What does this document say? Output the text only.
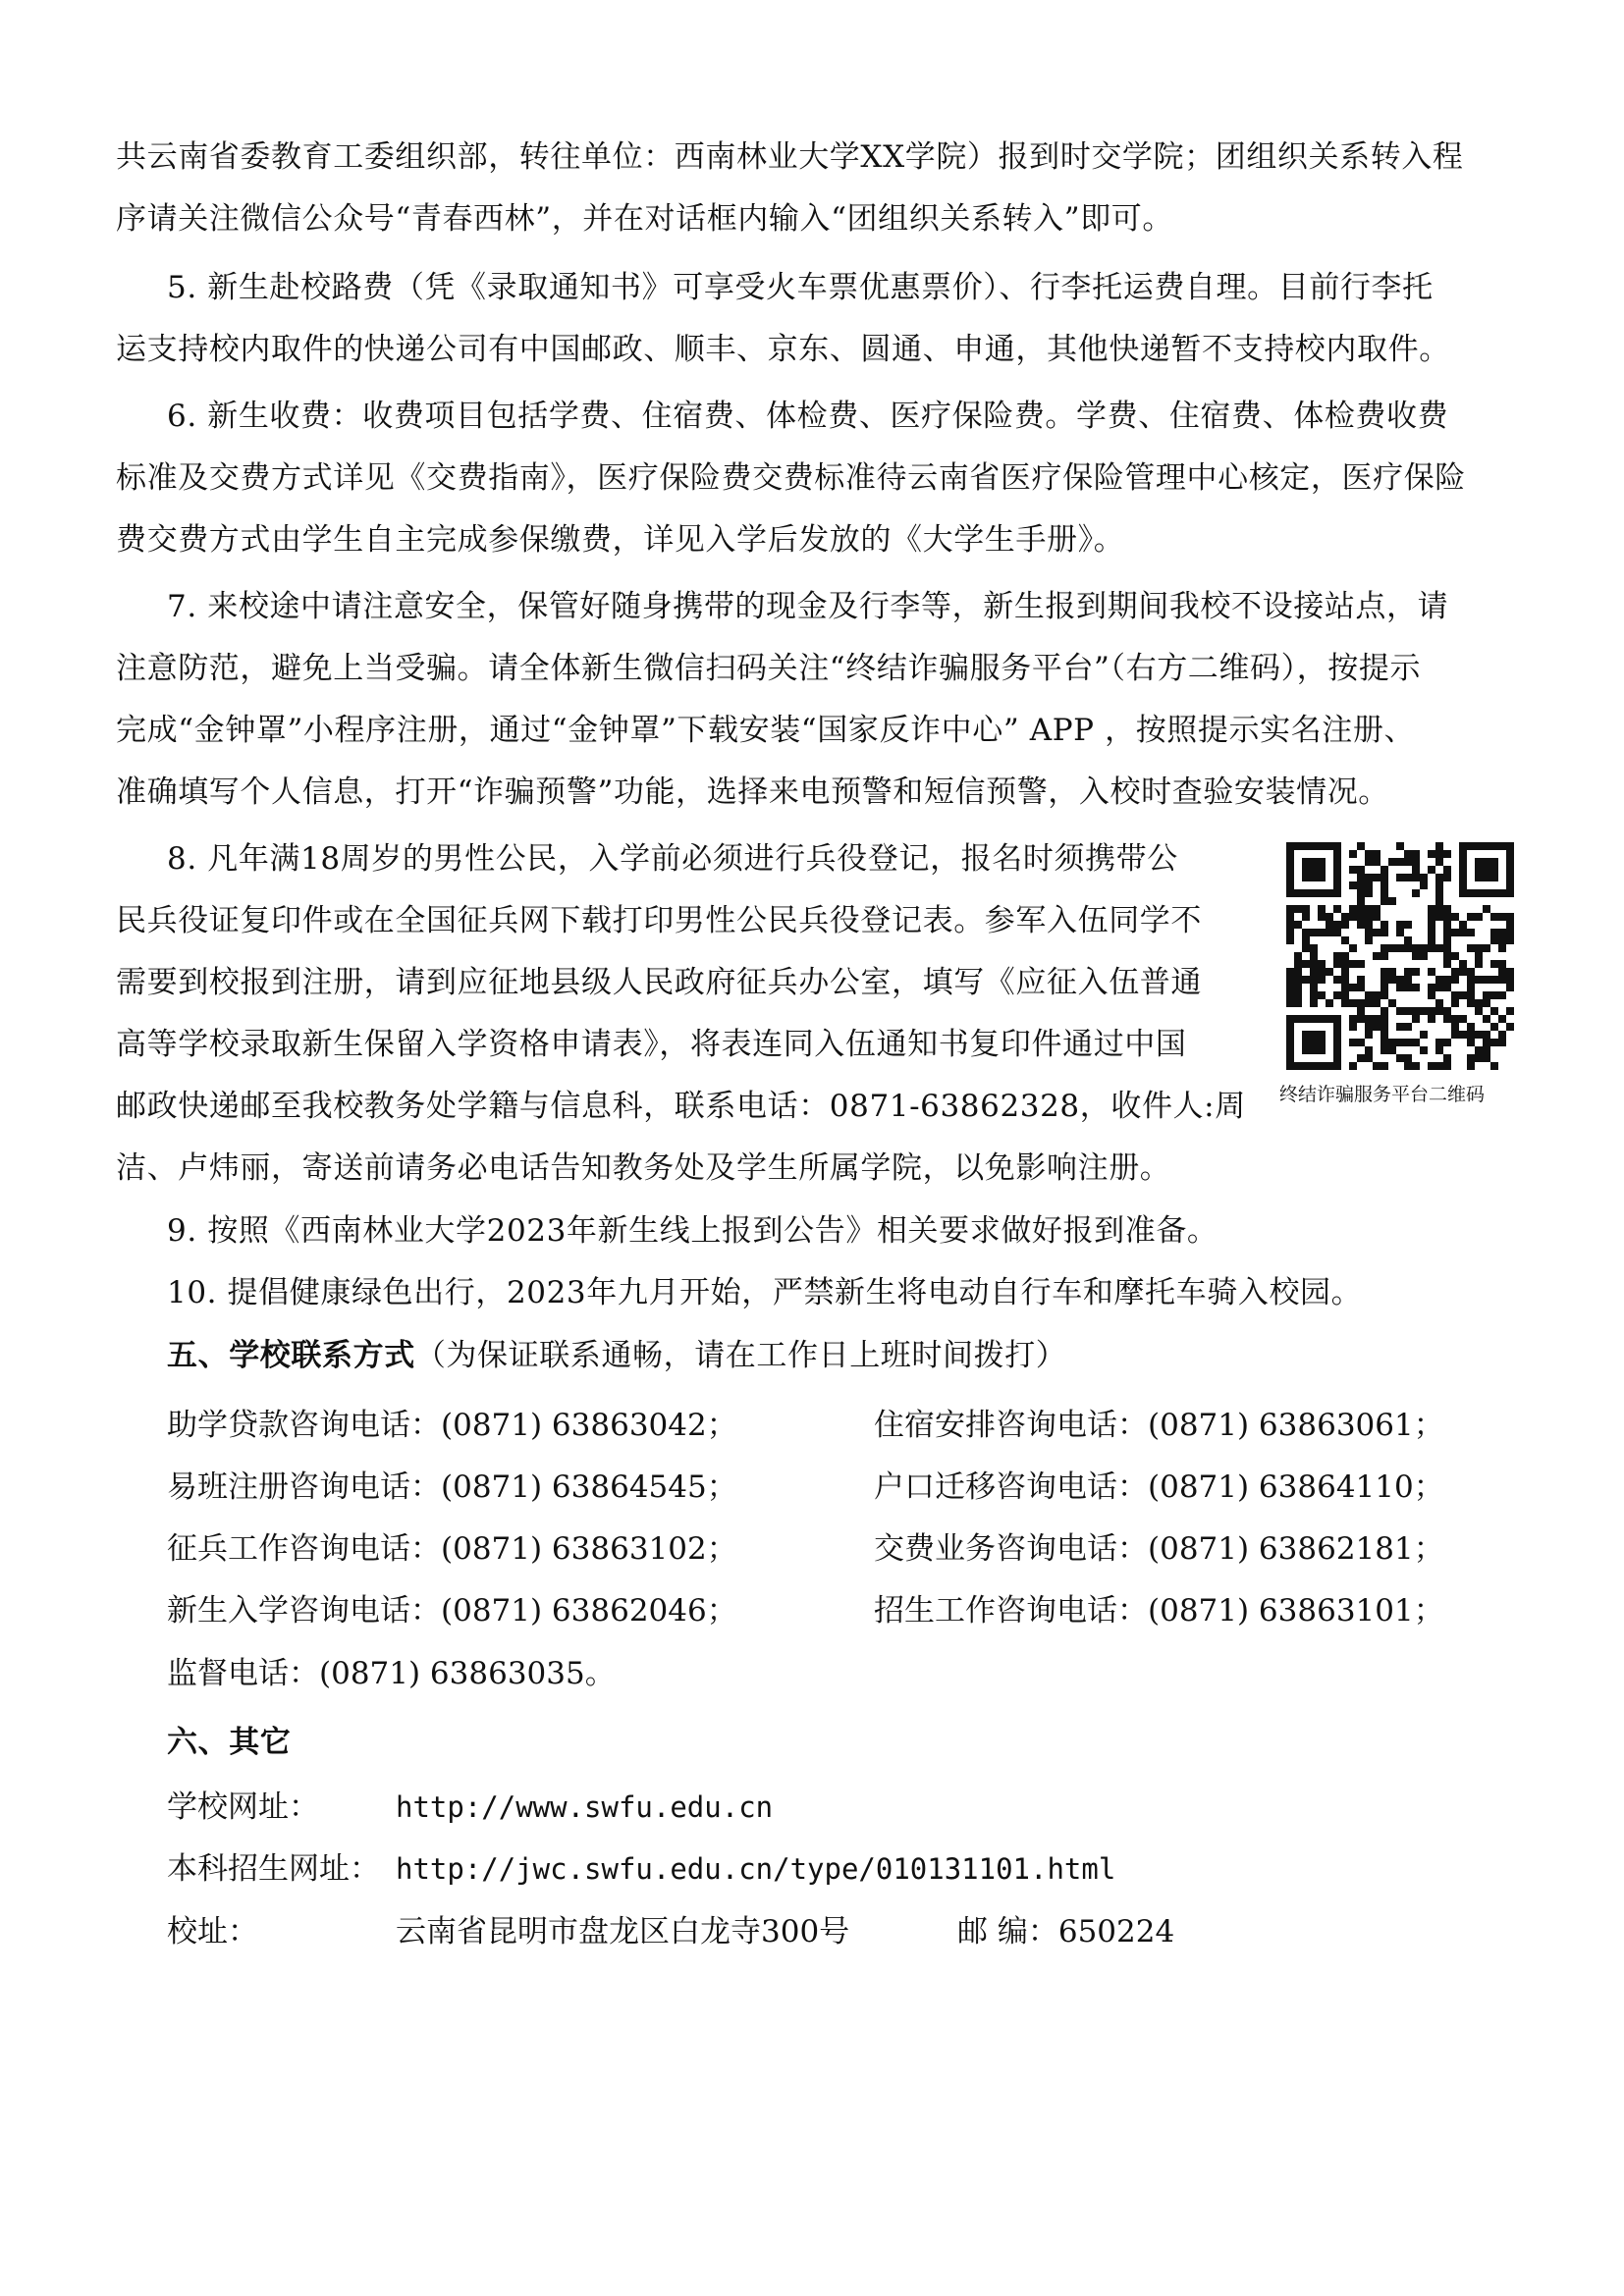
共云南省委教育工委组织部，转往单位：西南林业大学XX学院）报到时交学院；团组织关系转入程
序请关注微信公众号“青春西林”，并在对话框内输入“团组织关系转入”即可。
5. 新生赴校路费（凭《录取通知书》可享受火车票优惠票价）、行李托运费自理。目前行李托
运支持校内取件的快递公司有中国邮政、顺丰、京东、圆通、申通，其他快递暂不支持校内取件。
6. 新生收费：收费项目包括学费、住宿费、体检费、医疗保险费。学费、住宿费、体检费收费
标准及交费方式详见《交费指南》，医疗保险费交费标准待云南省医疗保险管理中心核定，医疗保险
费交费方式由学生自主完成参保缴费，详见入学后发放的《大学生手册》。
7. 来校途中请注意安全，保管好随身携带的现金及行李等，新生报到期间我校不设接站点，请
注意防范，避免上当受骗。请全体新生微信扫码关注“终结诈骗服务平台”（右方二维码），按提示
完成“金钟罩”小程序注册，通过“金钟罩”下载安装“国家反诈中心” APP ，按照提示实名注册、
准确填写个人信息，打开“诈骗预警”功能，选择来电预警和短信预警，入校时查验安装情况。
8. 凡年满18周岁的男性公民，入学前必须进行兵役登记，报名时须携带公
民兵役证复印件或在全国征兵网下载打印男性公民兵役登记表。参军入伍同学不
需要到校报到注册，请到应征地县级人民政府征兵办公室，填写《应征入伍普通
高等学校录取新生保留入学资格申请表》，将表连同入伍通知书复印件通过中国
邮政快递邮至我校教务处学籍与信息科，联系电话：0871-63862328，收件人:周
洁、卢炜丽，寄送前请务必电话告知教务处及学生所属学院，以免影响注册。
9. 按照《西南林业大学2023年新生线上报到公告》相关要求做好报到准备。
10. 提倡健康绿色出行，2023年九月开始，严禁新生将电动自行车和摩托车骑入校园。
五、学校联系方式（为保证联系通畅，请在工作日上班时间拨打）
助学贷款咨询电话：(0871) 63863042；	住宿安排咨询电话：(0871) 63863061；
易班注册咨询电话：(0871) 63864545；	户口迁移咨询电话：(0871) 63864110；
征兵工作咨询电话：(0871) 63863102；	交费业务咨询电话：(0871) 63862181；
新生入学咨询电话：(0871) 63862046；	招生工作咨询电话：(0871) 63863101；
监督电话：(0871) 63863035。
六、其它
学校网址：	http://www.swfu.edu.cn
本科招生网址： http://jwc.swfu.edu.cn/type/010131101.html
校址：	云南省昆明市盘龙区白龙寺300号	邮 编：650224
终结诈骗服务平台二维码
